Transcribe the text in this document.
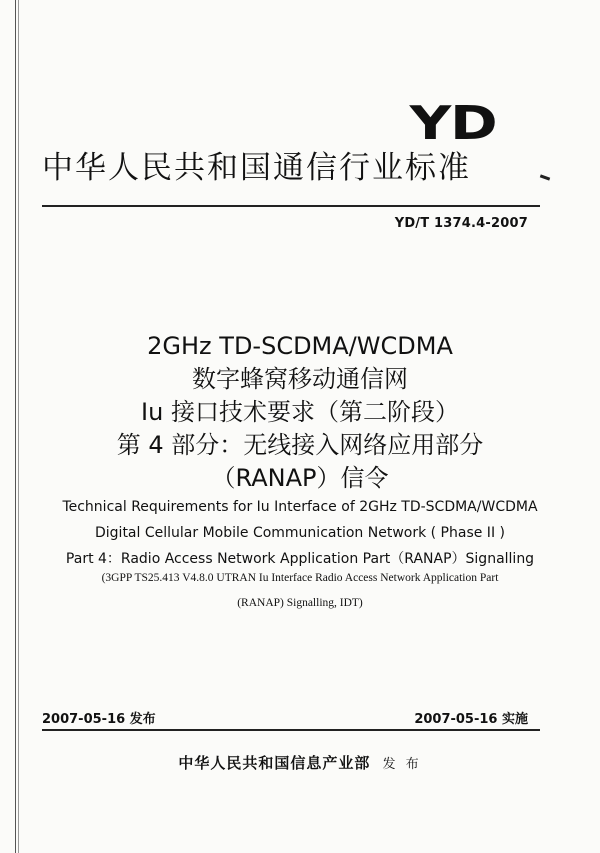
YD
中华人民共和国通信行业标准
YD/T 1374.4-2007
2GHz TD-SCDMA/WCDMA
数字蜂窝移动通信网
Iu 接口技术要求（第二阶段）
第 4 部分：无线接入网络应用部分
（RANAP）信令
Technical Requirements for Iu Interface of 2GHz TD-SCDMA/WCDMA
Digital Cellular Mobile Communication Network ( Phase II )
Part 4：Radio Access Network Application Part（RANAP）Signalling
(3GPP TS25.413 V4.8.0 UTRAN Iu Interface Radio Access Network Application Part
(RANAP) Signalling, IDT)
2007-05-16 发布	2007-05-16 实施
中华人民共和国信息产业部 发 布
